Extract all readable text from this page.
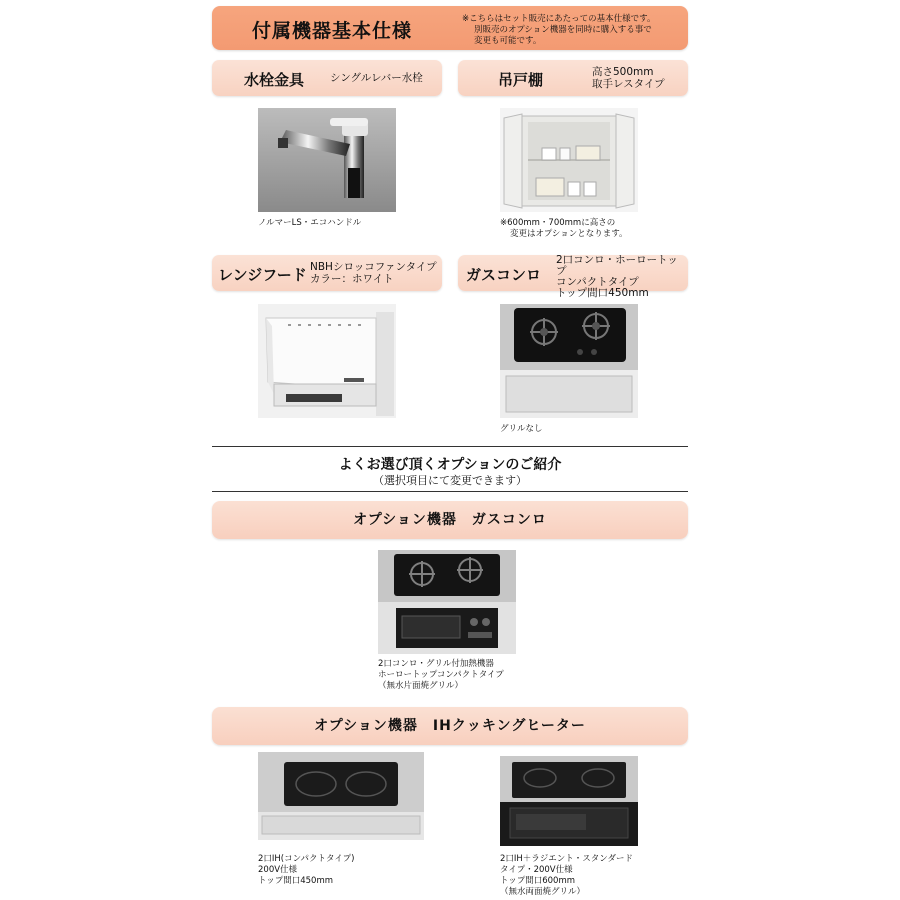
付属機器基本仕様
※こちらはセット販売にあたっての基本仕様です。
別販売のオプション機器を同時に購入する事で
変更も可能です。
水栓金具 シングルレバー水栓
ノルマーLS・エコハンドル
吊戸棚	高さ500mm
取手レスタイプ
※600mm・700mmに高さの
変更はオプションとなります。
レンジフード NBHシロッコファンタイプ
カラー：ホワイト	ガスコンロ
2口コンロ・ホーロートップ
コンパクトタイプ
トップ間口450mm
グリルなし
よくお選び頂くオプションのご紹介
（選択項目にて変更できます）
オプション機器　ガスコンロ
2口コンロ・グリル付加熱機器
ホーロートップコンパクトタイプ
（無水片面焼グリル）
オプション機器　IHクッキングヒーター
2口IH(コンパクトタイプ)
200V仕様
トップ間口450mm
2口IH＋ラジエント・スタンダード
タイプ・200V仕様
トップ間口600mm
（無水両面焼グリル）
